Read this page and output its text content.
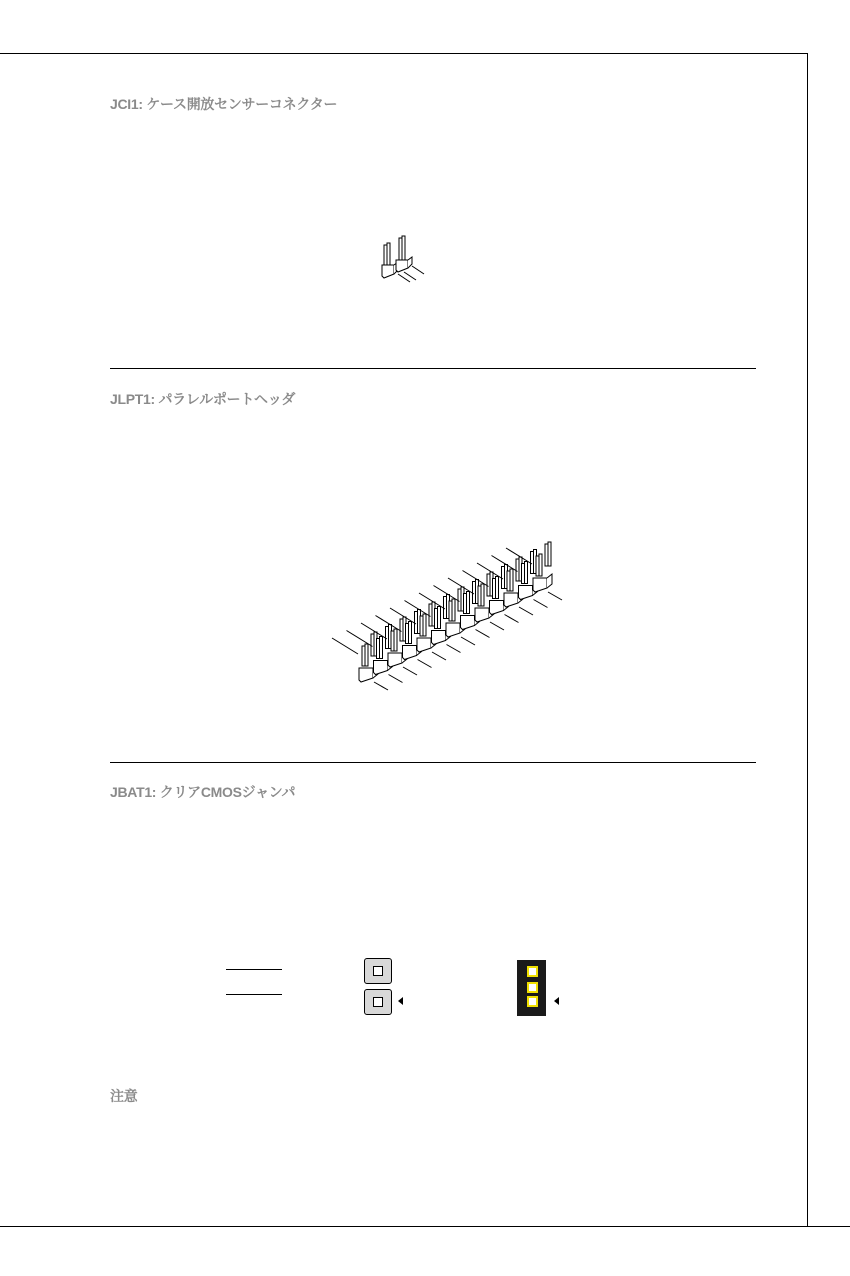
JCI1: ケース開放センサーコネクター
JLPT1: パラレルポートヘッダ
JBAT1: クリアCMOSジャンパ
注意
